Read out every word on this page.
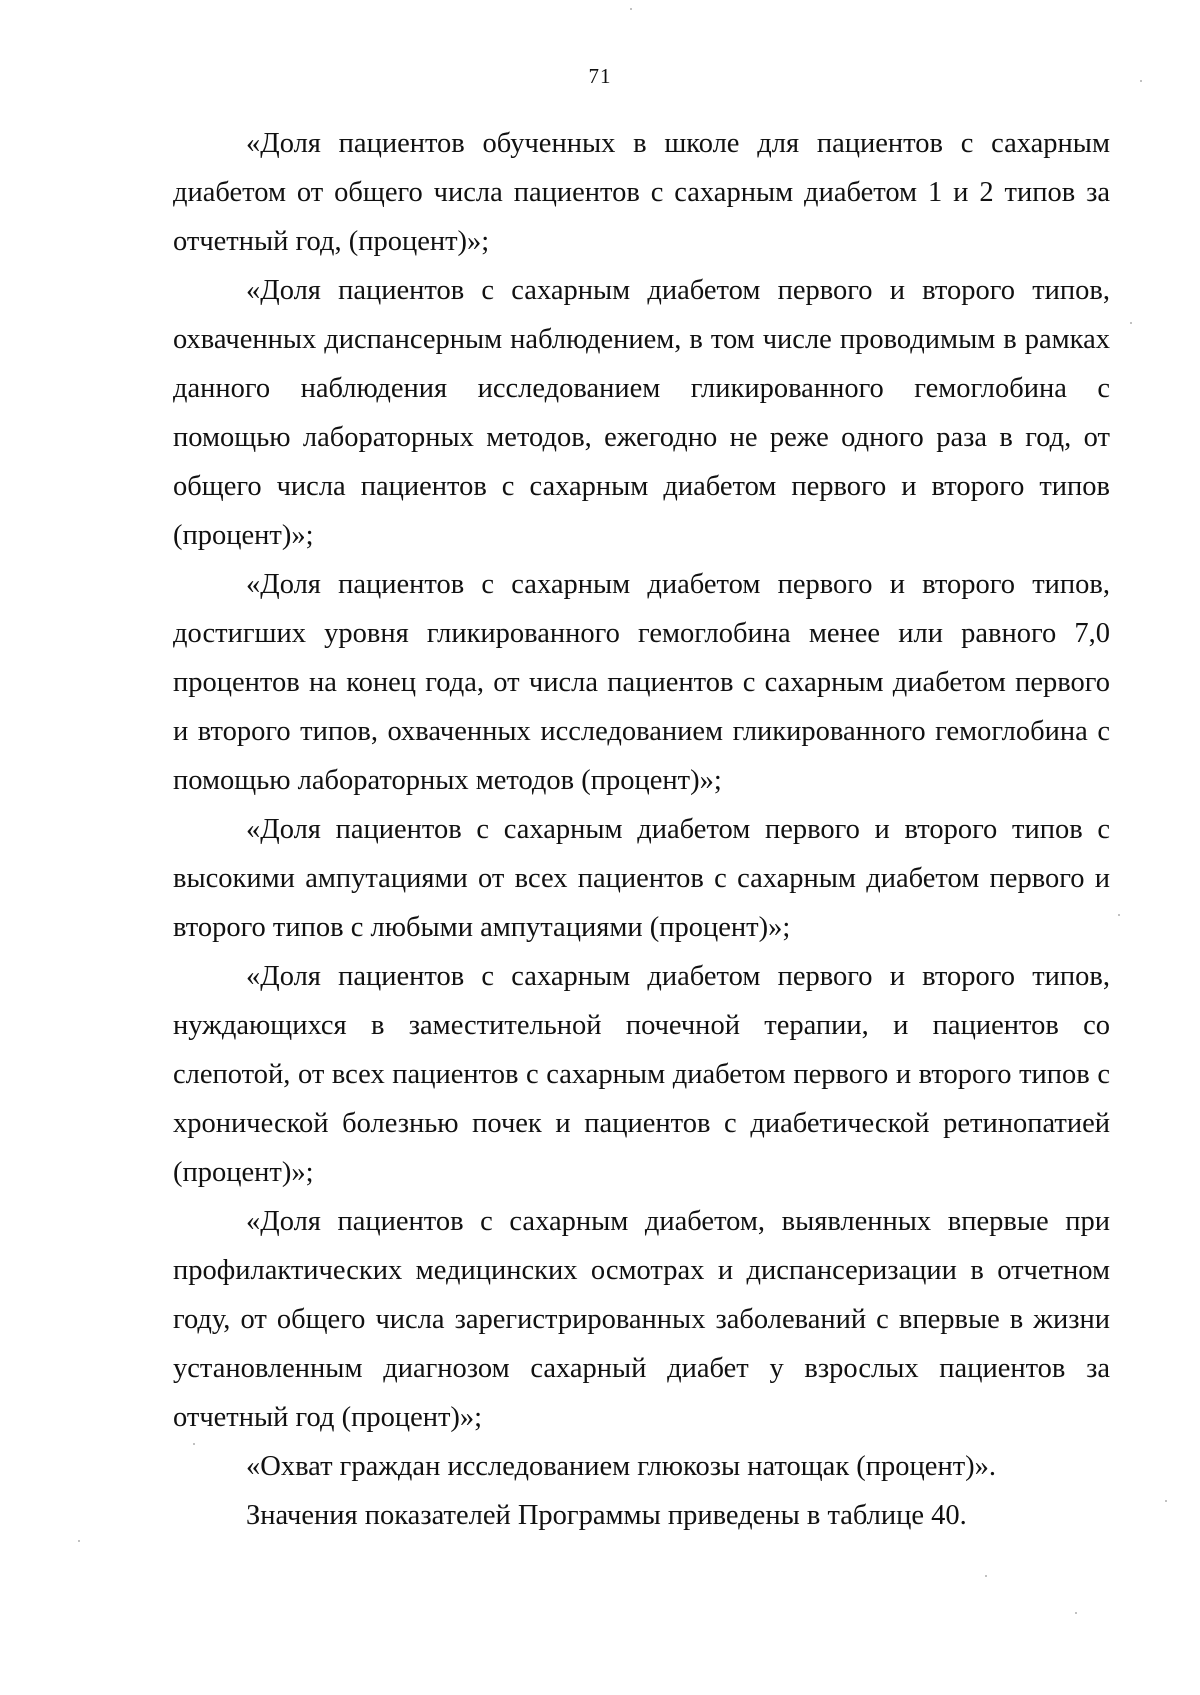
71

«Доля пациентов обученных в школе для пациентов с сахарным диабетом от общего числа пациентов с сахарным диабетом 1 и 2 типов за отчетный год, (процент)»;

«Доля пациентов с сахарным диабетом первого и второго типов, охваченных диспансерным наблюдением, в том числе проводимым в рамках данного наблюдения исследованием гликированного гемоглобина с помощью лабораторных методов, ежегодно не реже одного раза в год, от общего числа пациентов с сахарным диабетом первого и второго типов (процент)»;

«Доля пациентов с сахарным диабетом первого и второго типов, достигших уровня гликированного гемоглобина менее или равного 7,0 процентов на конец года, от числа пациентов с сахарным диабетом первого и второго типов, охваченных исследованием гликированного гемоглобина с помощью лабораторных методов (процент)»;

«Доля пациентов с сахарным диабетом первого и второго типов с высокими ампутациями от всех пациентов с сахарным диабетом первого и второго типов с любыми ампутациями (процент)»;

«Доля пациентов с сахарным диабетом первого и второго типов, нуждающихся в заместительной почечной терапии, и пациентов со слепотой, от всех пациентов с сахарным диабетом первого и второго типов с хронической болезнью почек и пациентов с диабетической ретинопатией (процент)»;

«Доля пациентов с сахарным диабетом, выявленных впервые при профилактических медицинских осмотрах и диспансеризации в отчетном году, от общего числа зарегистрированных заболеваний с впервые в жизни установленным диагнозом сахарный диабет у взрослых пациентов за отчетный год (процент)»;

«Охват граждан исследованием глюкозы натощак (процент)».

Значения показателей Программы приведены в таблице 40.
